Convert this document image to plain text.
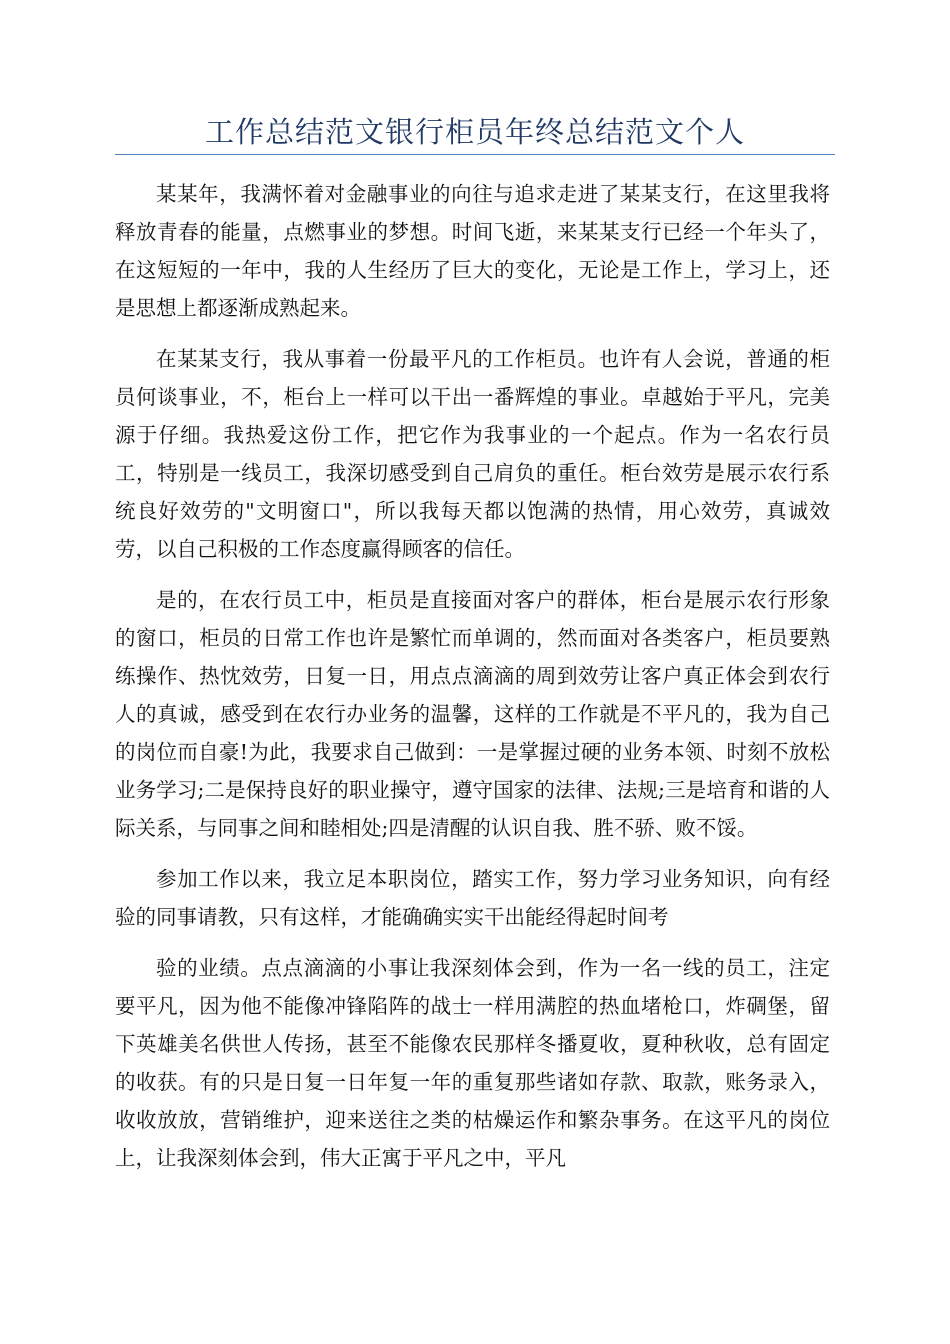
工作总结范文银行柜员年终总结范文个人

某某年，我满怀着对金融事业的向往与追求走进了某某支行，在这里我将释放青春的能量，点燃事业的梦想。时间飞逝，来某某支行已经一个年头了，在这短短的一年中，我的人生经历了巨大的变化，无论是工作上，学习上，还是思想上都逐渐成熟起来。

在某某支行，我从事着一份最平凡的工作柜员。也许有人会说，普通的柜员何谈事业，不，柜台上一样可以干出一番辉煌的事业。卓越始于平凡，完美源于仔细。我热爱这份工作，把它作为我事业的一个起点。作为一名农行员工，特别是一线员工，我深切感受到自己肩负的重任。柜台效劳是展示农行系统良好效劳的"文明窗口"，所以我每天都以饱满的热情，用心效劳，真诚效劳，以自己积极的工作态度赢得顾客的信任。

是的，在农行员工中，柜员是直接面对客户的群体，柜台是展示农行形象的窗口，柜员的日常工作也许是繁忙而单调的，然而面对各类客户，柜员要熟练操作、热忱效劳，日复一日，用点点滴滴的周到效劳让客户真正体会到农行人的真诚，感受到在农行办业务的温馨，这样的工作就是不平凡的，我为自己的岗位而自豪!为此，我要求自己做到：一是掌握过硬的业务本领、时刻不放松业务学习;二是保持良好的职业操守，遵守国家的法律、法规;三是培育和谐的人际关系，与同事之间和睦相处;四是清醒的认识自我、胜不骄、败不馁。

参加工作以来，我立足本职岗位，踏实工作，努力学习业务知识，向有经验的同事请教，只有这样，才能确确实实干出能经得起时间考

验的业绩。点点滴滴的小事让我深刻体会到，作为一名一线的员工，注定要平凡，因为他不能像冲锋陷阵的战士一样用满腔的热血堵枪口，炸碉堡，留下英雄美名供世人传扬，甚至不能像农民那样冬播夏收，夏种秋收，总有固定的收获。有的只是日复一日年复一年的重复那些诸如存款、取款，账务录入，收收放放，营销维护，迎来送往之类的枯燥运作和繁杂事务。在这平凡的岗位上，让我深刻体会到，伟大正寓于平凡之中，平凡
